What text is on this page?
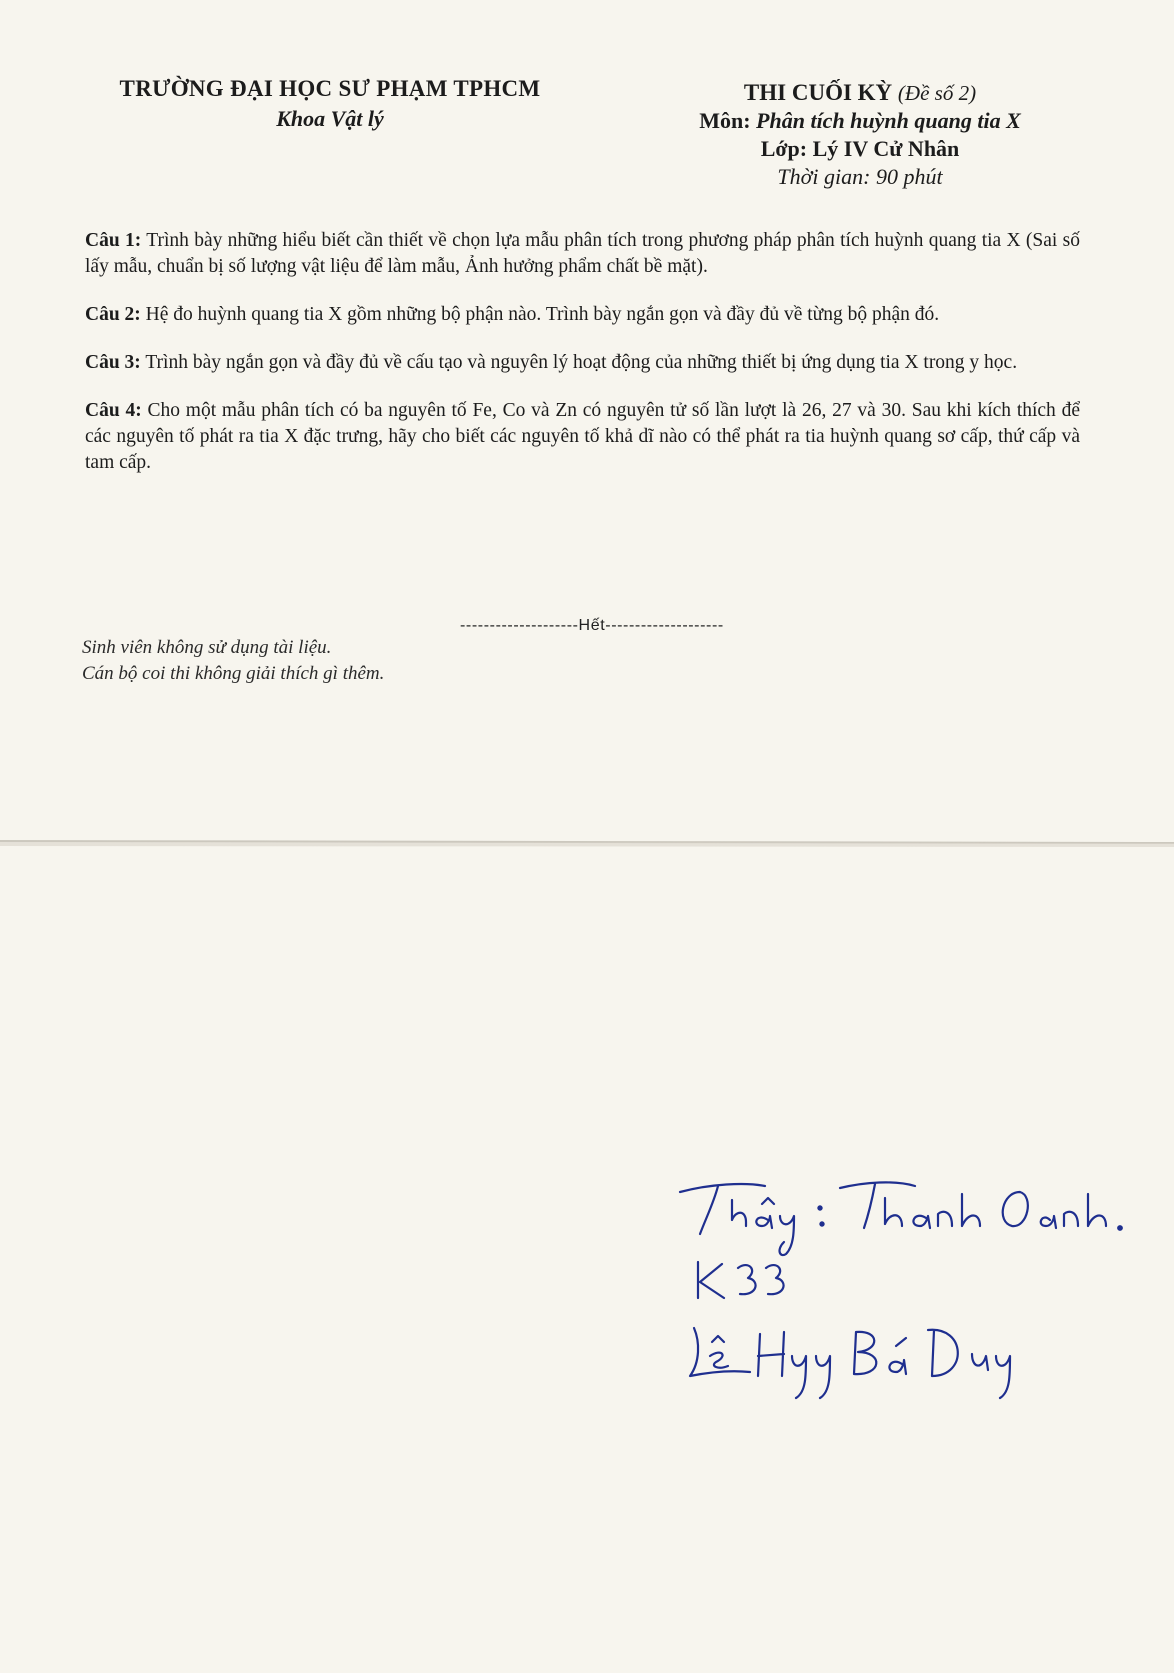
TRƯỜNG ĐẠI HỌC SƯ PHẠM TPHCM
Khoa Vật lý
THI CUỐI KỲ (Đề số 2)
Môn: Phân tích huỳnh quang tia X
Lớp: Lý IV Cử Nhân
Thời gian: 90 phút
Câu 1: Trình bày những hiểu biết cần thiết về chọn lựa mẫu phân tích trong phương pháp phân tích huỳnh quang tia X (Sai số lấy mẫu, chuẩn bị số lượng vật liệu để làm mẫu, Ảnh hưởng phẩm chất bề mặt).
Câu 2: Hệ đo huỳnh quang tia X gồm những bộ phận nào. Trình bày ngắn gọn và đầy đủ về từng bộ phận đó.
Câu 3: Trình bày ngắn gọn và đầy đủ về cấu tạo và nguyên lý hoạt động của những thiết bị ứng dụng tia X trong y học.
Câu 4: Cho một mẫu phân tích có ba nguyên tố Fe, Co và Zn có nguyên tử số lần lượt là 26, 27 và 30. Sau khi kích thích để các nguyên tố phát ra tia X đặc trưng, hãy cho biết các nguyên tố khả dĩ nào có thể phát ra tia huỳnh quang sơ cấp, thứ cấp và tam cấp.
--------------------Hết--------------------
Sinh viên không sử dụng tài liệu.
Cán bộ coi thi không giải thích gì thêm.
